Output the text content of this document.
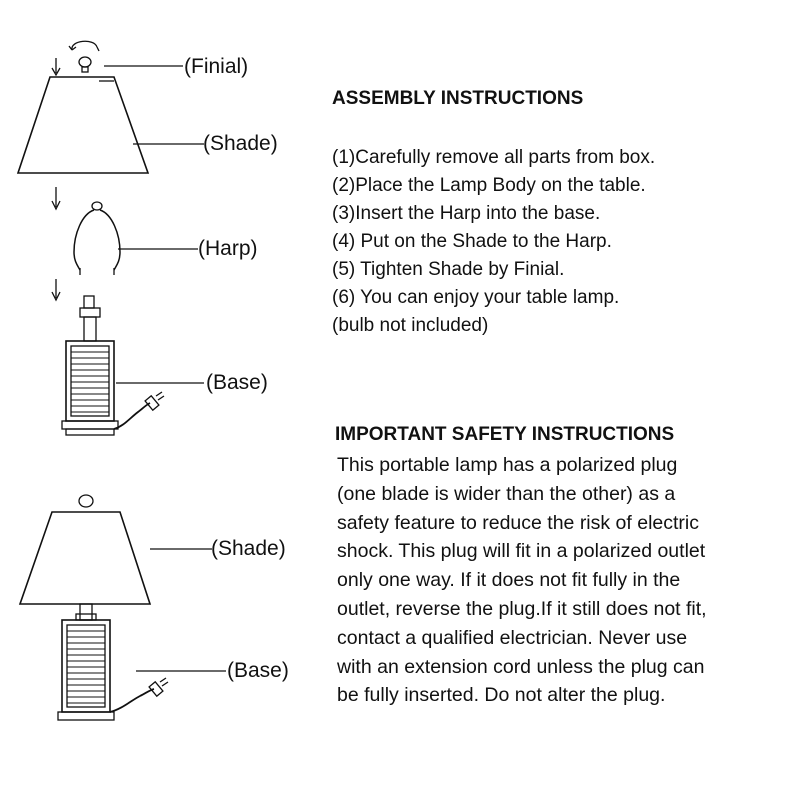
(Finial)
(Shade)
(Harp)
(Base)
(Shade)
(Base)
ASSEMBLY INSTRUCTIONS
(1)Carefully remove all parts from box.
(2)Place the Lamp Body on the table.
(3)Insert the Harp into the base.
(4) Put on the Shade to the Harp.
(5) Tighten Shade by Finial.
(6) You can enjoy your table lamp.
(bulb not included)
IMPORTANT SAFETY INSTRUCTIONS

This portable lamp has a polarized plug
(one blade is wider than the other) as a
safety feature to reduce the risk of electric
shock. This plug will fit in a polarized outlet
only one way. If it does not fit fully in the
outlet, reverse the plug.If it still does not fit,
contact a qualified electrician. Never use
with an extension cord unless the plug can
be fully inserted. Do not alter the plug.
